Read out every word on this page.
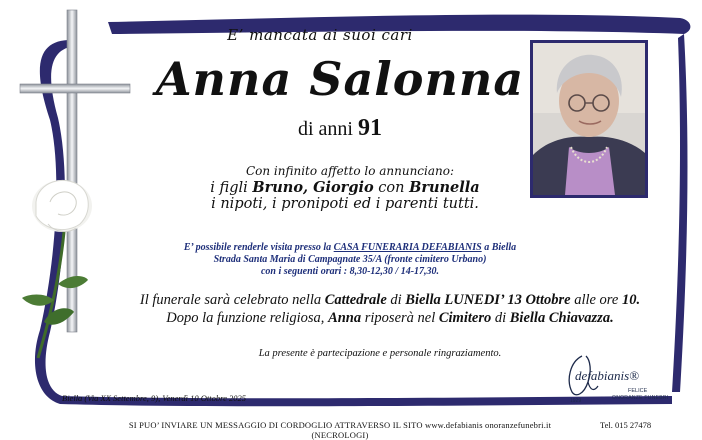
E’ mancata ai suoi cari
Anna Salonna
di anni 91
Con infinito affetto lo annunciano:
i figli Bruno, Giorgio con Brunella
i nipoti, i pronipoti ed i parenti tutti.
E’ possibile renderle visita presso la CASA FUNERARIA DEFABIANIS a Biella
Strada Santa Maria di Campagnate 35/A (fronte cimitero Urbano)
con i seguenti orari : 8,30-12,30 / 14-17,30.
Il funerale sarà celebrato nella Cattedrale di Biella LUNEDI’ 13 Ottobre alle ore 10.
Dopo la funzione religiosa, Anna riposerà nel Cimitero di Biella Chiavazza.
La presente è partecipazione e personale ringraziamento.
Biella (Via XX Settembre, 9), Venerdì 10 Ottobre 2025	1929
defabianis®
FELICE
ONORANZE FUNEBRI
SI PUO’ INVIARE UN MESSAGGIO DI CORDOGLIO ATTRAVERSO IL SITO www.defabianis onoranzefunebri.it (NECROLOGI)
Tel. 015 27478
